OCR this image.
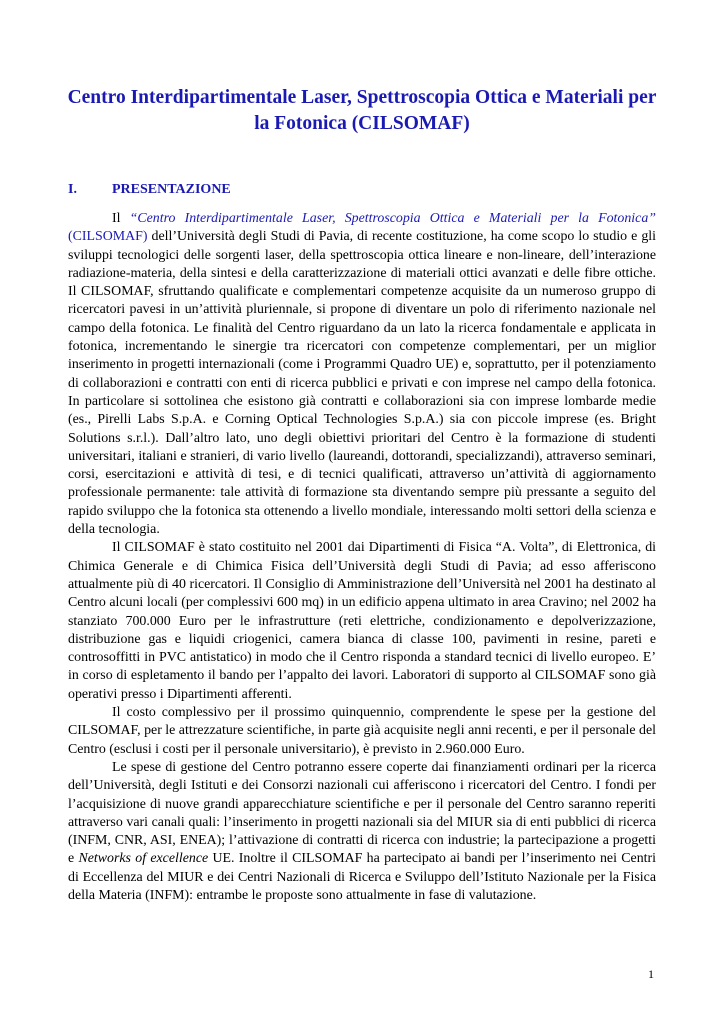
Centro Interdipartimentale Laser, Spettroscopia Ottica e Materiali per la Fotonica (CILSOMAF)
I.	PRESENTAZIONE

Il “Centro Interdipartimentale Laser, Spettroscopia Ottica e Materiali per la Fotonica” (CILSOMAF) dell’Università degli Studi di Pavia, di recente costituzione, ha come scopo lo studio e gli sviluppi tecnologici delle sorgenti laser, della spettroscopia ottica lineare e non-lineare, dell’interazione radiazione-materia, della sintesi e della caratterizzazione di materiali ottici avanzati e delle fibre ottiche. Il CILSOMAF, sfruttando qualificate e complementari competenze acquisite da un numeroso gruppo di ricercatori pavesi in un’attività pluriennale, si propone di diventare un polo di riferimento nazionale nel campo della fotonica. Le finalità del Centro riguardano da un lato la ricerca fondamentale e applicata in fotonica, incrementando le sinergie tra ricercatori con competenze complementari, per un miglior inserimento in progetti internazionali (come i Programmi Quadro UE) e, soprattutto, per il potenziamento di collaborazioni e contratti con enti di ricerca pubblici e privati e con imprese nel campo della fotonica. In particolare si sottolinea che esistono già contratti e collaborazioni sia con imprese lombarde medie (es., Pirelli Labs S.p.A. e Corning Optical Technologies S.p.A.) sia con piccole imprese (es. Bright Solutions s.r.l.). Dall’altro lato, uno degli obiettivi prioritari del Centro è la formazione di studenti universitari, italiani e stranieri, di vario livello (laureandi, dottorandi, specializzandi), attraverso seminari, corsi, esercitazioni e attività di tesi, e di tecnici qualificati, attraverso un’attività di aggiornamento professionale permanente: tale attività di formazione sta diventando sempre più pressante a seguito del rapido sviluppo che la fotonica sta ottenendo a livello mondiale, interessando molti settori della scienza e della tecnologia.

Il CILSOMAF è stato costituito nel 2001 dai Dipartimenti di Fisica “A. Volta”, di Elettronica, di Chimica Generale e di Chimica Fisica dell’Università degli Studi di Pavia; ad esso afferiscono attualmente più di 40 ricercatori. Il Consiglio di Amministrazione dell’Università nel 2001 ha destinato al Centro alcuni locali (per complessivi 600 mq) in un edificio appena ultimato in area Cravino; nel 2002 ha stanziato 700.000 Euro per le infrastrutture (reti elettriche, condizionamento e depolverizzazione, distribuzione gas e liquidi criogenici, camera bianca di classe 100, pavimenti in resine, pareti e controsoffitti in PVC antistatico) in modo che il Centro risponda a standard tecnici di livello europeo. E’ in corso di espletamento il bando per l’appalto dei lavori. Laboratori di supporto al CILSOMAF sono già operativi presso i Dipartimenti afferenti.

Il costo complessivo per il prossimo quinquennio, comprendente le spese per la gestione del CILSOMAF, per le attrezzature scientifiche, in parte già acquisite negli anni recenti, e per il personale del Centro (esclusi i costi per il personale universitario), è previsto in 2.960.000 Euro.

Le spese di gestione del Centro potranno essere coperte dai finanziamenti ordinari per la ricerca dell’Università, degli Istituti e dei Consorzi nazionali cui afferiscono i ricercatori del Centro. I fondi per l’acquisizione di nuove grandi apparecchiature scientifiche e per il personale del Centro saranno reperiti attraverso vari canali quali: l’inserimento in progetti nazionali sia del MIUR sia di enti pubblici di ricerca (INFM, CNR, ASI, ENEA); l’attivazione di contratti di ricerca con industrie; la partecipazione a progetti e Networks of excellence UE. Inoltre il CILSOMAF ha partecipato ai bandi per l’inserimento nei Centri di Eccellenza del MIUR e dei Centri Nazionali di Ricerca e Sviluppo dell’Istituto Nazionale per la Fisica della Materia (INFM): entrambe le proposte sono attualmente in fase di valutazione.

1
